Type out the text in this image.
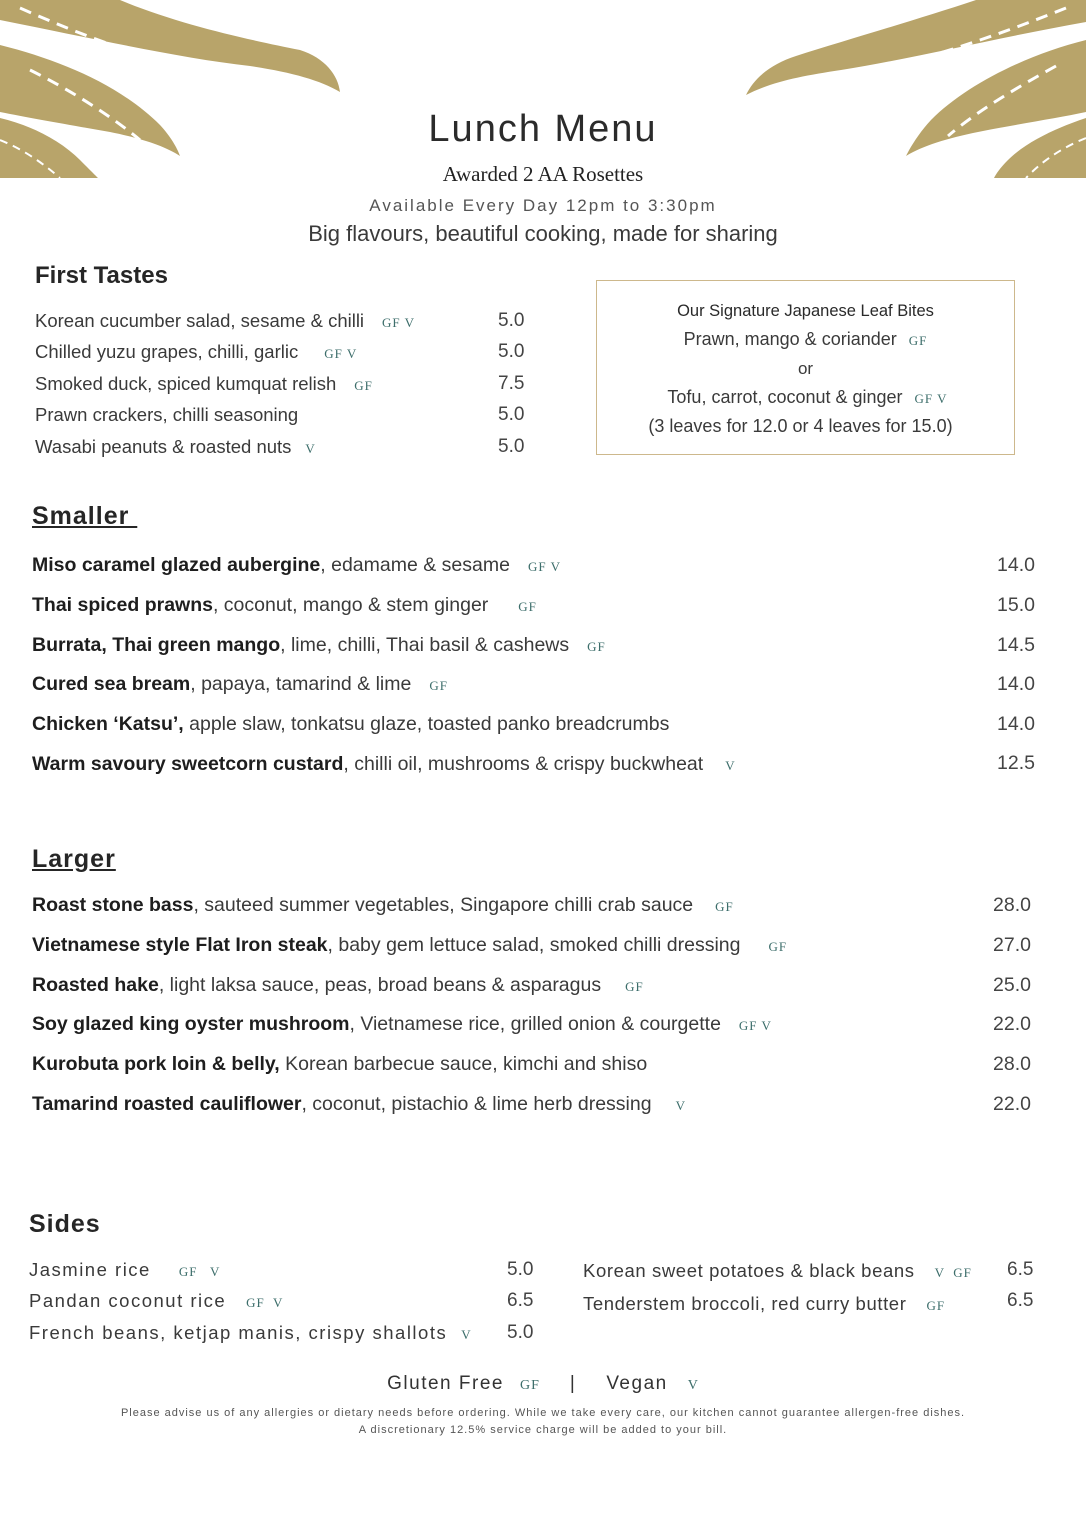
Lunch Menu
Awarded 2 AA Rosettes
Available Every Day 12pm to 3:30pm
Big flavours, beautiful cooking, made for sharing
First Tastes
Korean cucumber salad, sesame & chilli GF V	5.0
Chilled yuzu grapes, chilli, garlic GF V	5.0
Smoked duck, spiced kumquat relish GF	7.5
Prawn crackers, chilli seasoning	5.0
Wasabi peanuts & roasted nuts V	5.0
Our Signature Japanese Leaf Bites
Prawn, mango & coriander GF
or
Tofu, carrot, coconut & ginger GF V
(3 leaves for 12.0 or 4 leaves for 15.0)
Smaller
Miso caramel glazed aubergine, edamame & sesame GF V	14.0
Thai spiced prawns, coconut, mango & stem ginger GF	15.0
Burrata, Thai green mango, lime, chilli, Thai basil & cashews GF	14.5
Cured sea bream, papaya, tamarind & lime GF	14.0
Chicken ‘Katsu’, apple slaw, tonkatsu glaze, toasted panko breadcrumbs	14.0
Warm savoury sweetcorn custard, chilli oil, mushrooms & crispy buckwheat V	12.5
Larger
Roast stone bass, sauteed summer vegetables, Singapore chilli crab sauce GF	28.0
Vietnamese style Flat Iron steak, baby gem lettuce salad, smoked chilli dressing GF	27.0
Roasted hake, light laksa sauce, peas, broad beans & asparagus GF	25.0
Soy glazed king oyster mushroom, Vietnamese rice, grilled onion & courgette GF V	22.0
Kurobuta pork loin & belly, Korean barbecue sauce, kimchi and shiso	28.0
Tamarind roasted cauliflower, coconut, pistachio & lime herb dressing V	22.0
Sides
Jasmine rice GF   V	5.0
Pandan coconut rice GF  V	6.5
French beans, ketjap manis, crispy shallots V 5.0
Korean sweet potatoes & black beans V  GF 6.5
Tenderstem broccoli, red curry butter GF	6.5
Gluten Free GF | Vegan V
Please advise us of any allergies or dietary needs before ordering. While we take every care, our kitchen cannot guarantee allergen-free dishes.
A discretionary 12.5% service charge will be added to your bill.
